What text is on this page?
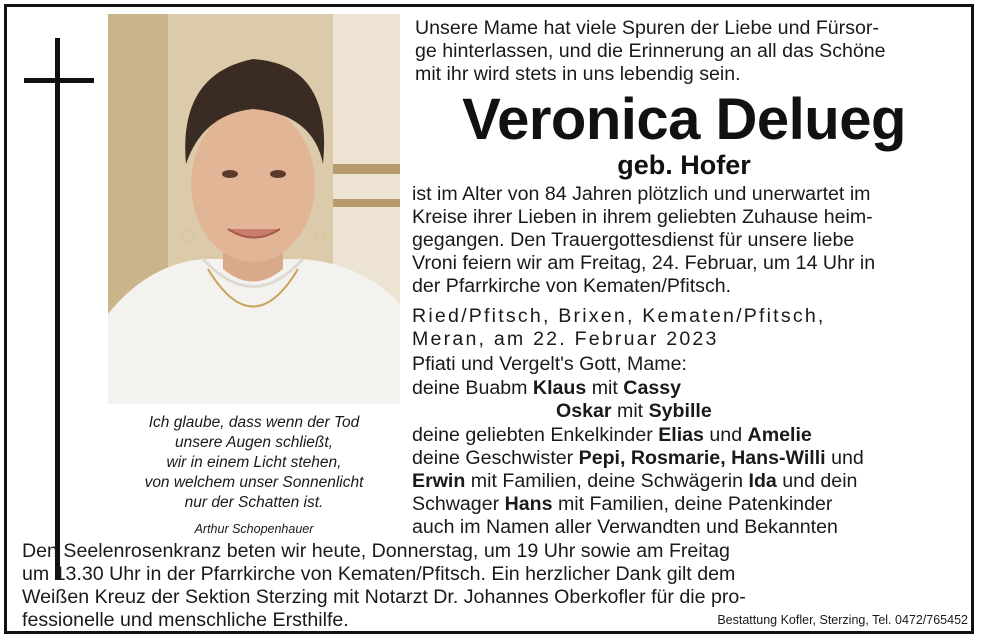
Ich glaube, dass wenn der Tod
unsere Augen schließt,
wir in einem Licht stehen,
von welchem unser Sonnenlicht
nur der Schatten ist.
Arthur Schopenhauer
Unsere Mame hat viele Spuren der Liebe und Fürsor-
ge hinterlassen, und die Erinnerung an all das Schöne
mit ihr wird stets in uns lebendig sein.
Veronica Delueg
geb. Hofer
ist im Alter von 84 Jahren plötzlich und unerwartet im
Kreise ihrer Lieben in ihrem geliebten Zuhause heim-
gegangen. Den Trauergottesdienst für unsere liebe
Vroni feiern wir am Freitag, 24. Februar, um 14 Uhr in
der Pfarrkirche von Kematen/Pfitsch.
Ried/Pfitsch, Brixen, Kematen/Pfitsch,
Meran, am 22. Februar 2023
Pfiati und Vergelt's Gott, Mame:
deine Buabm Klaus mit Cassy
Oskar mit Sybille
deine geliebten Enkelkinder Elias und Amelie
deine Geschwister Pepi, Rosmarie, Hans-Willi und
Erwin mit Familien, deine Schwägerin Ida und dein
Schwager Hans mit Familien, deine Patenkinder
auch im Namen aller Verwandten und Bekannten
Den Seelenrosenkranz beten wir heute, Donnerstag, um 19 Uhr sowie am Freitag
um 13.30 Uhr in der Pfarrkirche von Kematen/Pfitsch. Ein herzlicher Dank gilt dem
Weißen Kreuz der Sektion Sterzing mit Notarzt Dr. Johannes Oberkofler für die pro-
fessionelle und menschliche Ersthilfe.	Bestattung Kofler, Sterzing, Tel. 0472/765452
